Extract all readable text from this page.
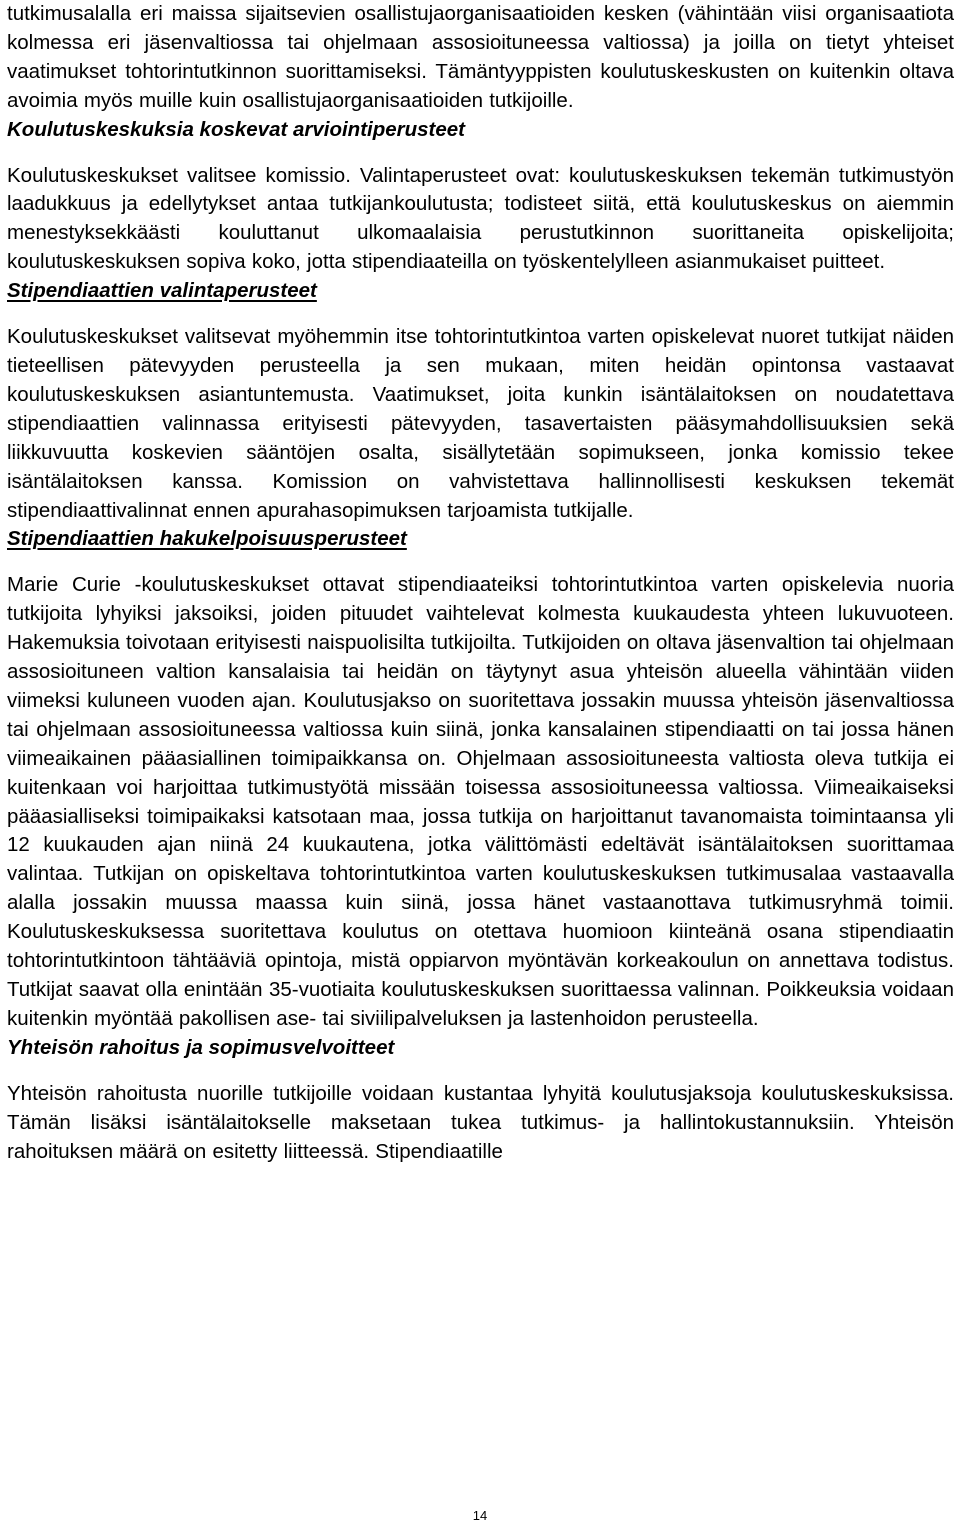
tutkimusalalla eri maissa sijaitsevien osallistujaorganisaatioiden kesken (vähintään viisi organisaatiota kolmessa eri jäsenvaltiossa tai ohjelmaan assosioituneessa valtiossa) ja joilla on tietyt yhteiset vaatimukset tohtorintutkinnon suorittamiseksi. Tämäntyyppisten koulutuskeskusten on kuitenkin oltava avoimia myös muille kuin osallistujaorganisaatioiden tutkijoille.

Koulutuskeskuksia koskevat arviointiperusteet

Koulutuskeskukset valitsee komissio. Valintaperusteet ovat: koulutuskeskuksen tekemän tutkimustyön laadukkuus ja edellytykset antaa tutkijankoulutusta; todisteet siitä, että koulutuskeskus on aiemmin menestyksekkäästi kouluttanut ulkomaalaisia perustutkinnon suorittaneita opiskelijoita; koulutuskeskuksen sopiva koko, jotta stipendiaateilla on työskentelylleen asianmukaiset puitteet.

Stipendiaattien valintaperusteet

Koulutuskeskukset valitsevat myöhemmin itse tohtorintutkintoa varten opiskelevat nuoret tutkijat näiden tieteellisen pätevyyden perusteella ja sen mukaan, miten heidän opintonsa vastaavat koulutuskeskuksen asiantuntemusta. Vaatimukset, joita kunkin isäntälaitoksen on noudatettava stipendiaattien valinnassa erityisesti pätevyyden, tasavertaisten pääsymahdollisuuksien sekä liikkuvuutta koskevien sääntöjen osalta, sisällytetään sopimukseen, jonka komissio tekee isäntälaitoksen kanssa. Komission on vahvistettava hallinnollisesti keskuksen tekemät stipendiaattivalinnat ennen apurahasopimuksen tarjoamista tutkijalle.

Stipendiaattien hakukelpoisuusperusteet

Marie Curie -koulutuskeskukset ottavat stipendiaateiksi tohtorintutkintoa varten opiskelevia nuoria tutkijoita lyhyiksi jaksoiksi, joiden pituudet vaihtelevat kolmesta kuukaudesta yhteen lukuvuoteen. Hakemuksia toivotaan erityisesti naispuolisilta tutkijoilta. Tutkijoiden on oltava jäsenvaltion tai ohjelmaan assosioituneen valtion kansalaisia tai heidän on täytynyt asua yhteisön alueella vähintään viiden viimeksi kuluneen vuoden ajan. Koulutusjakso on suoritettava jossakin muussa yhteisön jäsenvaltiossa tai ohjelmaan assosioituneessa valtiossa kuin siinä, jonka kansalainen stipendiaatti on tai jossa hänen viimeaikainen pääasiallinen toimipaikkansa on. Ohjelmaan assosioituneesta valtiosta oleva tutkija ei kuitenkaan voi harjoittaa tutkimustyötä missään toisessa assosioituneessa valtiossa. Viimeaikaiseksi pääasialliseksi toimipaikaksi katsotaan maa, jossa tutkija on harjoittanut tavanomaista toimintaansa yli 12 kuukauden ajan niinä 24 kuukautena, jotka välittömästi edeltävät isäntälaitoksen suorittamaa valintaa. Tutkijan on opiskeltava tohtorintutkintoa varten koulutuskeskuksen tutkimusalaa vastaavalla alalla jossakin muussa maassa kuin siinä, jossa hänet vastaanottava tutkimusryhmä toimii. Koulutuskeskuksessa suoritettava koulutus on otettava huomioon kiinteänä osana stipendiaatin tohtorintutkintoon tähtääviä opintoja, mistä oppiarvon myöntävän korkeakoulun on annettava todistus. Tutkijat saavat olla enintään 35-vuotiaita koulutuskeskuksen suorittaessa valinnan. Poikkeuksia voidaan kuitenkin myöntää pakollisen ase- tai siviilipalveluksen ja lastenhoidon perusteella.

Yhteisön rahoitus ja sopimusvelvoitteet

Yhteisön rahoitusta nuorille tutkijoille voidaan kustantaa lyhyitä koulutusjaksoja koulutuskeskuksissa. Tämän lisäksi isäntälaitokselle maksetaan tukea tutkimus- ja hallintokustannuksiin. Yhteisön rahoituksen määrä on esitetty liitteessä. Stipendiaatille

14
